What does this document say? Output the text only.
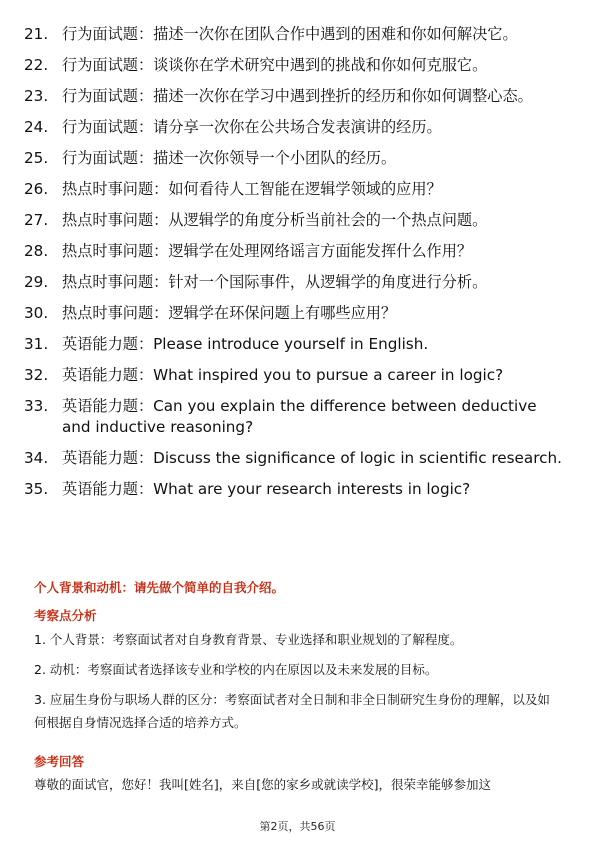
21. 行为面试题：描述一次你在团队合作中遇到的困难和你如何解决它。
22. 行为面试题：谈谈你在学术研究中遇到的挑战和你如何克服它。
23. 行为面试题：描述一次你在学习中遇到挫折的经历和你如何调整心态。
24. 行为面试题：请分享一次你在公共场合发表演讲的经历。
25. 行为面试题：描述一次你领导一个小团队的经历。
26. 热点时事问题：如何看待人工智能在逻辑学领域的应用？
27. 热点时事问题：从逻辑学的角度分析当前社会的一个热点问题。
28. 热点时事问题：逻辑学在处理网络谣言方面能发挥什么作用？
29. 热点时事问题：针对一个国际事件，从逻辑学的角度进行分析。
30. 热点时事问题：逻辑学在环保问题上有哪些应用？
31. 英语能力题：Please introduce yourself in English.
32. 英语能力题：What inspired you to pursue a career in logic?
33. 英语能力题：Can you explain the difference between deductive and inductive reasoning?
34. 英语能力题：Discuss the significance of logic in scientific research.
35. 英语能力题：What are your research interests in logic?

个人背景和动机：请先做个简单的自我介绍。

考察点分析

1. 个人背景：考察面试者对自身教育背景、专业选择和职业规划的了解程度。

2. 动机：考察面试者选择该专业和学校的内在原因以及未来发展的目标。

3. 应届生身份与职场人群的区分：考察面试者对全日制和非全日制研究生身份的理解，以及如何根据自身情况选择合适的培养方式。

参考回答

尊敬的面试官，您好！我叫[姓名]，来自[您的家乡或就读学校]，很荣幸能够参加这

第2页，共56页
